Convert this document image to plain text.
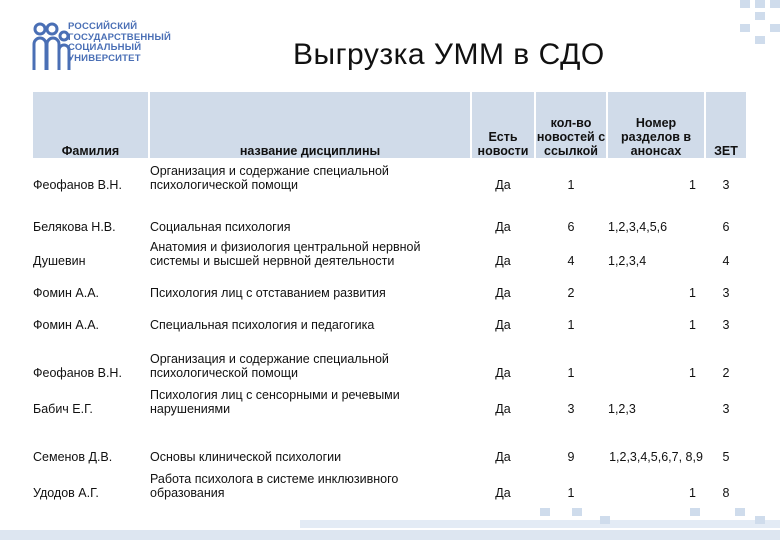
РОССИЙСКИЙ
ГОСУДАРСТВЕННЫЙ
СОЦИАЛЬНЫЙ
УНИВЕРСИТЕТ	Выгрузка УММ в СДО
Фамилия	название дисциплины	Есть новости	кол-во новостей с ссылкой	Номер разделов в анонсах	ЗЕТ
Феофанов В.Н.	Организация и содержание специальной психологической помощи	Да	1	1	3
Белякова Н.В.	Социальная психология	Да	6	1,2,3,4,5,6	6
Душевин	Анатомия и физиология центральной нервной системы и высшей нервной деятельности	Да	4	1,2,3,4	4
Фомин А.А.	Психология лиц с отставанием развития	Да	2	1	3
Фомин А.А.	Специальная психология и педагогика	Да	1	1	3
Феофанов В.Н.	Организация и содержание специальной психологической помощи	Да	1	1	2
Бабич Е.Г.	Психология лиц с сенсорными и речевыми нарушениями	Да	3	1,2,3	3
Семенов Д.В.	Основы клинической психологии	Да	9	1,2,3,4,5,6,7, 8,9	5
Удодов А.Г.	Работа психолога в системе инклюзивного образования	Да	1	1	8
